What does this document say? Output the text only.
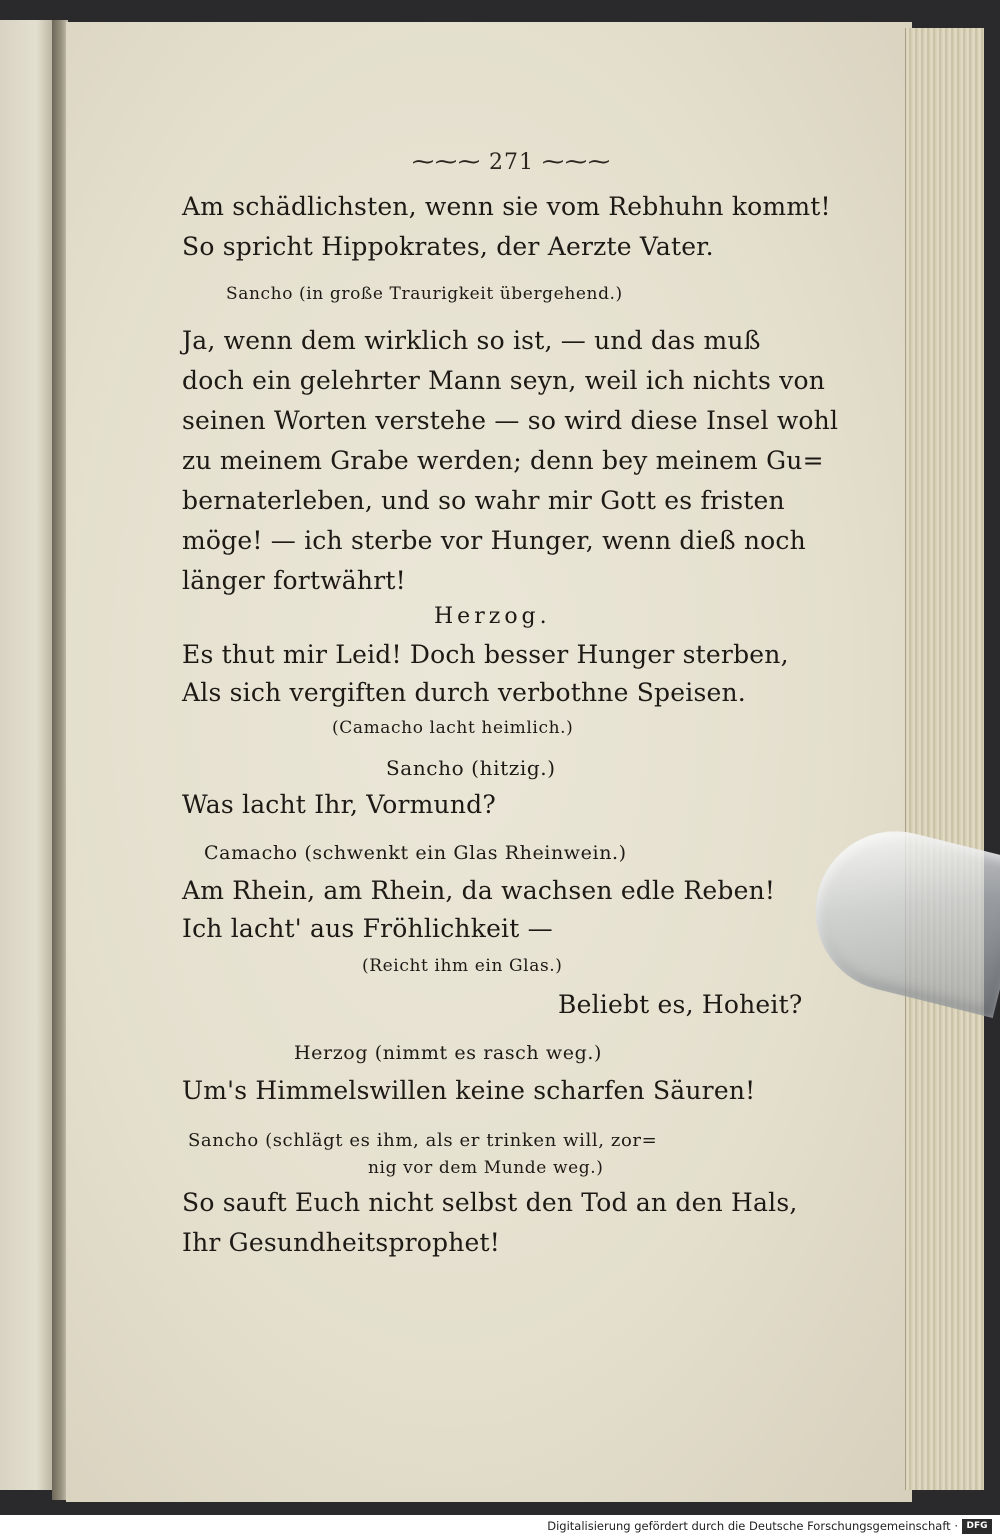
⁓⁓⁓ 271 ⁓⁓⁓
Am schädlichsten, wenn sie vom Rebhuhn kommt!
So spricht Hippokrates, der Aerzte Vater.
Sancho (in große Traurigkeit übergehend.)
Ja, wenn dem wirklich so ist, — und das muß
doch ein gelehrter Mann seyn, weil ich nichts von
seinen Worten verstehe — so wird diese Insel wohl
zu meinem Grabe werden; denn bey meinem Gu=
bernaterleben, und so wahr mir Gott es fristen
möge! — ich sterbe vor Hunger, wenn dieß noch
länger fortwährt!
Herzog.
Es thut mir Leid! Doch besser Hunger sterben,
Als sich vergiften durch verbothne Speisen.
(Camacho lacht heimlich.)
Sancho (hitzig.)
Was lacht Ihr, Vormund?
Camacho (schwenkt ein Glas Rheinwein.)
Am Rhein, am Rhein, da wachsen edle Reben!
Ich lacht' aus Fröhlichkeit —
(Reicht ihm ein Glas.)
Beliebt es, Hoheit?
Herzog (nimmt es rasch weg.)
Um's Himmelswillen keine scharfen Säuren!
Sancho (schlägt es ihm, als er trinken will, zor=
nig vor dem Munde weg.)
So sauft Euch nicht selbst den Tod an den Hals,
Ihr Gesundheitsprophet!
Digitalisierung gefördert durch die Deutsche Forschungsgemeinschaft · DFG
